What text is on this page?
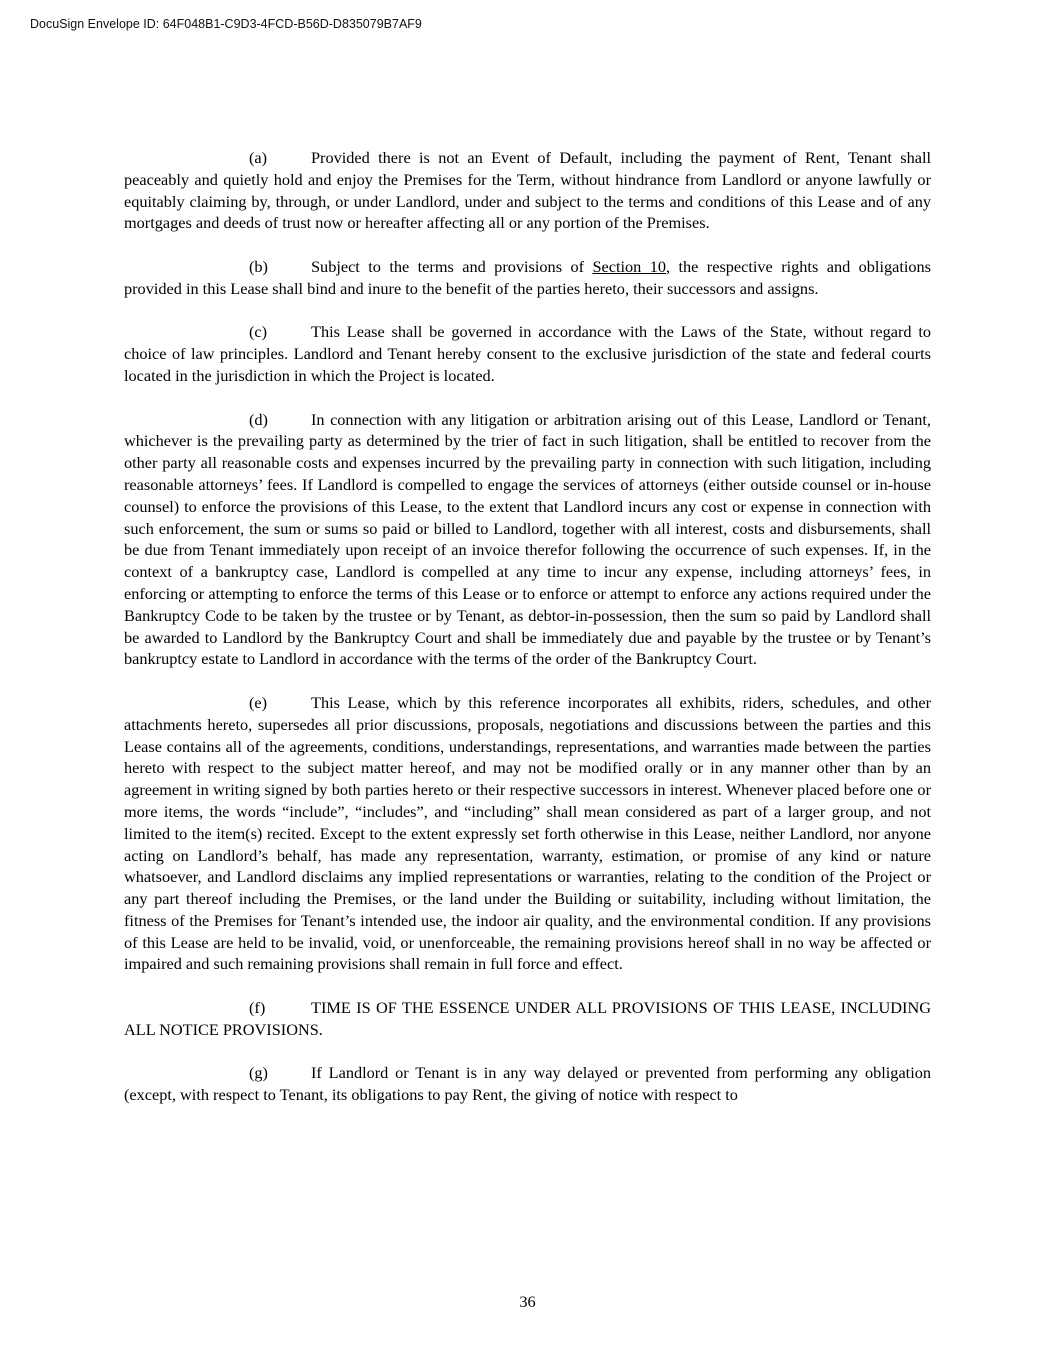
DocuSign Envelope ID: 64F048B1-C9D3-4FCD-B56D-D835079B7AF9

(a)	Provided there is not an Event of Default, including the payment of Rent, Tenant shall peaceably and quietly hold and enjoy the Premises for the Term, without hindrance from Landlord or anyone lawfully or equitably claiming by, through, or under Landlord, under and subject to the terms and conditions of this Lease and of any mortgages and deeds of trust now or hereafter affecting all or any portion of the Premises.

(b)	Subject to the terms and provisions of Section 10, the respective rights and obligations provided in this Lease shall bind and inure to the benefit of the parties hereto, their successors and assigns.

(c)	This Lease shall be governed in accordance with the Laws of the State, without regard to choice of law principles. Landlord and Tenant hereby consent to the exclusive jurisdiction of the state and federal courts located in the jurisdiction in which the Project is located.

(d)	In connection with any litigation or arbitration arising out of this Lease, Landlord or Tenant, whichever is the prevailing party as determined by the trier of fact in such litigation, shall be entitled to recover from the other party all reasonable costs and expenses incurred by the prevailing party in connection with such litigation, including reasonable attorneys’ fees. If Landlord is compelled to engage the services of attorneys (either outside counsel or in-house counsel) to enforce the provisions of this Lease, to the extent that Landlord incurs any cost or expense in connection with such enforcement, the sum or sums so paid or billed to Landlord, together with all interest, costs and disbursements, shall be due from Tenant immediately upon receipt of an invoice therefor following the occurrence of such expenses. If, in the context of a bankruptcy case, Landlord is compelled at any time to incur any expense, including attorneys’ fees, in enforcing or attempting to enforce the terms of this Lease or to enforce or attempt to enforce any actions required under the Bankruptcy Code to be taken by the trustee or by Tenant, as debtor-in-possession, then the sum so paid by Landlord shall be awarded to Landlord by the Bankruptcy Court and shall be immediately due and payable by the trustee or by Tenant’s bankruptcy estate to Landlord in accordance with the terms of the order of the Bankruptcy Court.

(e)	This Lease, which by this reference incorporates all exhibits, riders, schedules, and other attachments hereto, supersedes all prior discussions, proposals, negotiations and discussions between the parties and this Lease contains all of the agreements, conditions, understandings, representations, and warranties made between the parties hereto with respect to the subject matter hereof, and may not be modified orally or in any manner other than by an agreement in writing signed by both parties hereto or their respective successors in interest. Whenever placed before one or more items, the words “include”, “includes”, and “including” shall mean considered as part of a larger group, and not limited to the item(s) recited. Except to the extent expressly set forth otherwise in this Lease, neither Landlord, nor anyone acting on Landlord’s behalf, has made any representation, warranty, estimation, or promise of any kind or nature whatsoever, and Landlord disclaims any implied representations or warranties, relating to the condition of the Project or any part thereof including the Premises, or the land under the Building or suitability, including without limitation, the fitness of the Premises for Tenant’s intended use, the indoor air quality, and the environmental condition. If any provisions of this Lease are held to be invalid, void, or unenforceable, the remaining provisions hereof shall in no way be affected or impaired and such remaining provisions shall remain in full force and effect.

(f)	TIME IS OF THE ESSENCE UNDER ALL PROVISIONS OF THIS LEASE, INCLUDING ALL NOTICE PROVISIONS.

(g)	If Landlord or Tenant is in any way delayed or prevented from performing any obligation (except, with respect to Tenant, its obligations to pay Rent, the giving of notice with respect to

36
